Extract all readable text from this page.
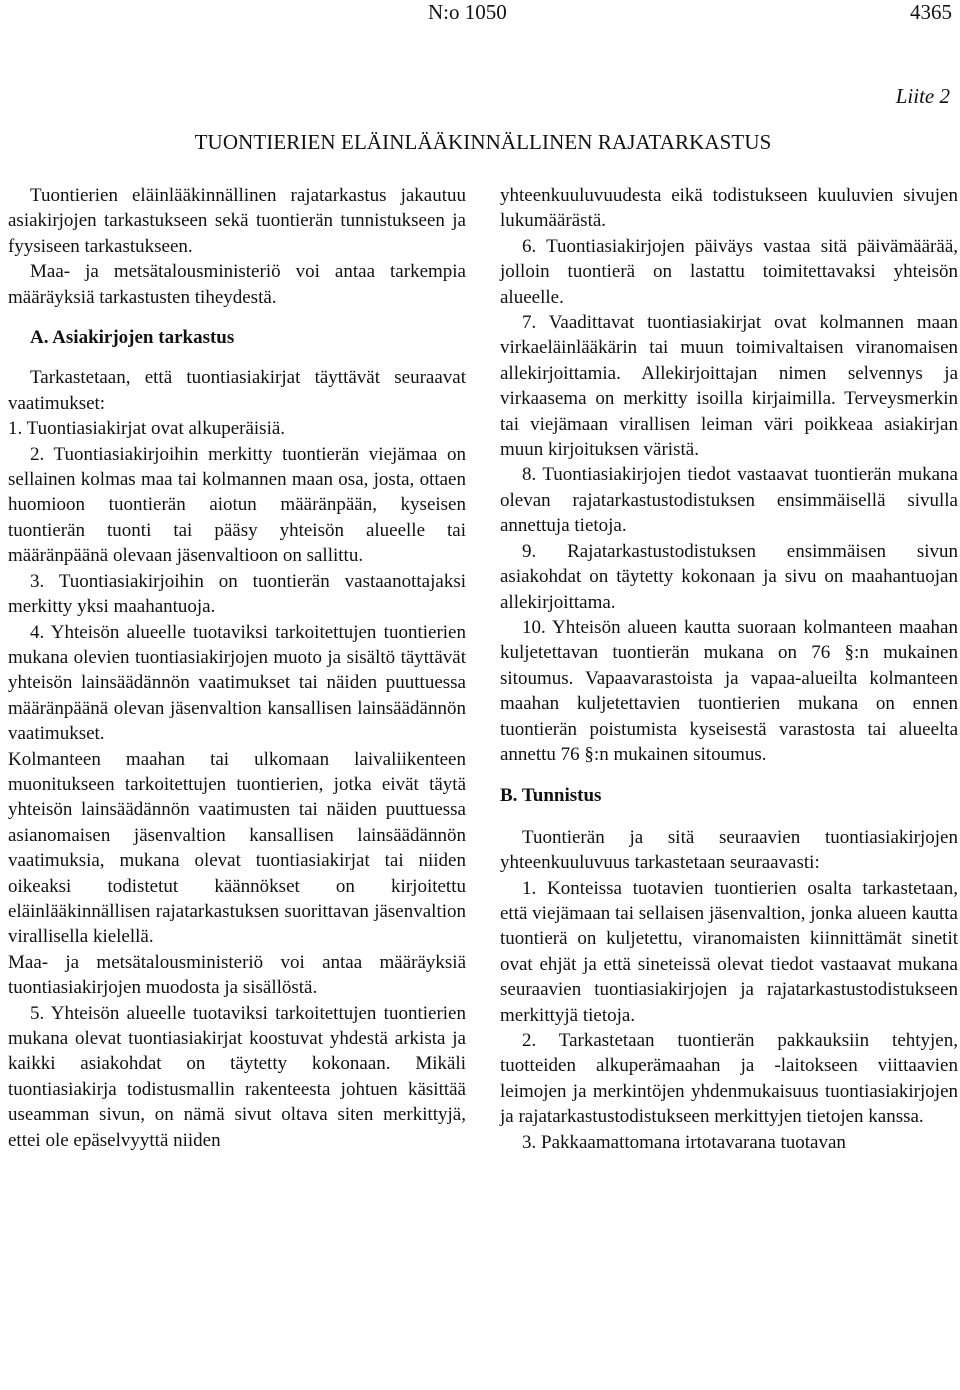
N:o 1050	4365
Liite 2
TUONTIERIEN ELÄINLÄÄKINNÄLLINEN RAJATARKASTUS

Tuontierien eläinlääkinnällinen rajatarkastus jakautuu asiakirjojen tarkastukseen sekä tuontierän tunnistukseen ja fyysiseen tarkastukseen.

Maa- ja metsätalousministeriö voi antaa tarkempia määräyksiä tarkastusten tiheydestä.

A. Asiakirjojen tarkastus

Tarkastetaan, että tuontiasiakirjat täyttävät seuraavat vaatimukset:

1. Tuontiasiakirjat ovat alkuperäisiä.

2. Tuontiasiakirjoihin merkitty tuontierän viejämaa on sellainen kolmas maa tai kolmannen maan osa, josta, ottaen huomioon tuontierän aiotun määränpään, kyseisen tuontierän tuonti tai pääsy yhteisön alueelle tai määränpäänä olevaan jäsenvaltioon on sallittu.

3. Tuontiasiakirjoihin on tuontierän vastaanottajaksi merkitty yksi maahantuoja.

4. Yhteisön alueelle tuotaviksi tarkoitettujen tuontierien mukana olevien tuontiasiakirjojen muoto ja sisältö täyttävät yhteisön lainsäädännön vaatimukset tai näiden puuttuessa määränpäänä olevan jäsenvaltion kansallisen lainsäädännön vaatimukset.

Kolmanteen maahan tai ulkomaan laivaliikenteen muonitukseen tarkoitettujen tuontierien, jotka eivät täytä yhteisön lainsäädännön vaatimusten tai näiden puuttuessa asianomaisen jäsenvaltion kansallisen lainsäädännön vaatimuksia, mukana olevat tuontiasiakirjat tai niiden oikeaksi todistetut käännökset on kirjoitettu eläinlääkinnällisen rajatarkastuksen suorittavan jäsenvaltion virallisella kielellä.

Maa- ja metsätalousministeriö voi antaa määräyksiä tuontiasiakirjojen muodosta ja sisällöstä.

5. Yhteisön alueelle tuotaviksi tarkoitettujen tuontierien mukana olevat tuontiasiakirjat koostuvat yhdestä arkista ja kaikki asiakohdat on täytetty kokonaan. Mikäli tuontiasiakirja todistusmallin rakenteesta johtuen käsittää useamman sivun, on nämä sivut oltava siten merkittyjä, ettei ole epäselvyyttä niiden

yhteenkuuluvuudesta eikä todistukseen kuuluvien sivujen lukumäärästä.

6. Tuontiasiakirjojen päiväys vastaa sitä päivämäärää, jolloin tuontierä on lastattu toimitettavaksi yhteisön alueelle.

7. Vaadittavat tuontiasiakirjat ovat kolmannen maan virkaeläinlääkärin tai muun toimivaltaisen viranomaisen allekirjoittamia. Allekirjoittajan nimen selvennys ja virkaasema on merkitty isoilla kirjaimilla. Terveysmerkin tai viejämaan virallisen leiman väri poikkeaa asiakirjan muun kirjoituksen väristä.

8. Tuontiasiakirjojen tiedot vastaavat tuontierän mukana olevan rajatarkastustodistuksen ensimmäisellä sivulla annettuja tietoja.

9. Rajatarkastustodistuksen ensimmäisen sivun asiakohdat on täytetty kokonaan ja sivu on maahantuojan allekirjoittama.

10. Yhteisön alueen kautta suoraan kolmanteen maahan kuljetettavan tuontierän mukana on 76 §:n mukainen sitoumus. Vapaavarastoista ja vapaa-alueilta kolmanteen maahan kuljetettavien tuontierien mukana on ennen tuontierän poistumista kyseisestä varastosta tai alueelta annettu 76 §:n mukainen sitoumus.

B. Tunnistus

Tuontierän ja sitä seuraavien tuontiasiakirjojen yhteenkuuluvuus tarkastetaan seuraavasti:

1. Konteissa tuotavien tuontierien osalta tarkastetaan, että viejämaan tai sellaisen jäsenvaltion, jonka alueen kautta tuontierä on kuljetettu, viranomaisten kiinnittämät sinetit ovat ehjät ja että sineteissä olevat tiedot vastaavat mukana seuraavien tuontiasiakirjojen ja rajatarkastustodistukseen merkittyjä tietoja.

2. Tarkastetaan tuontierän pakkauksiin tehtyjen, tuotteiden alkuperämaahan ja -laitokseen viittaavien leimojen ja merkintöjen yhdenmukaisuus tuontiasiakirjojen ja rajatarkastustodistukseen merkittyjen tietojen kanssa.

3. Pakkaamattomana irtotavarana tuotavan
